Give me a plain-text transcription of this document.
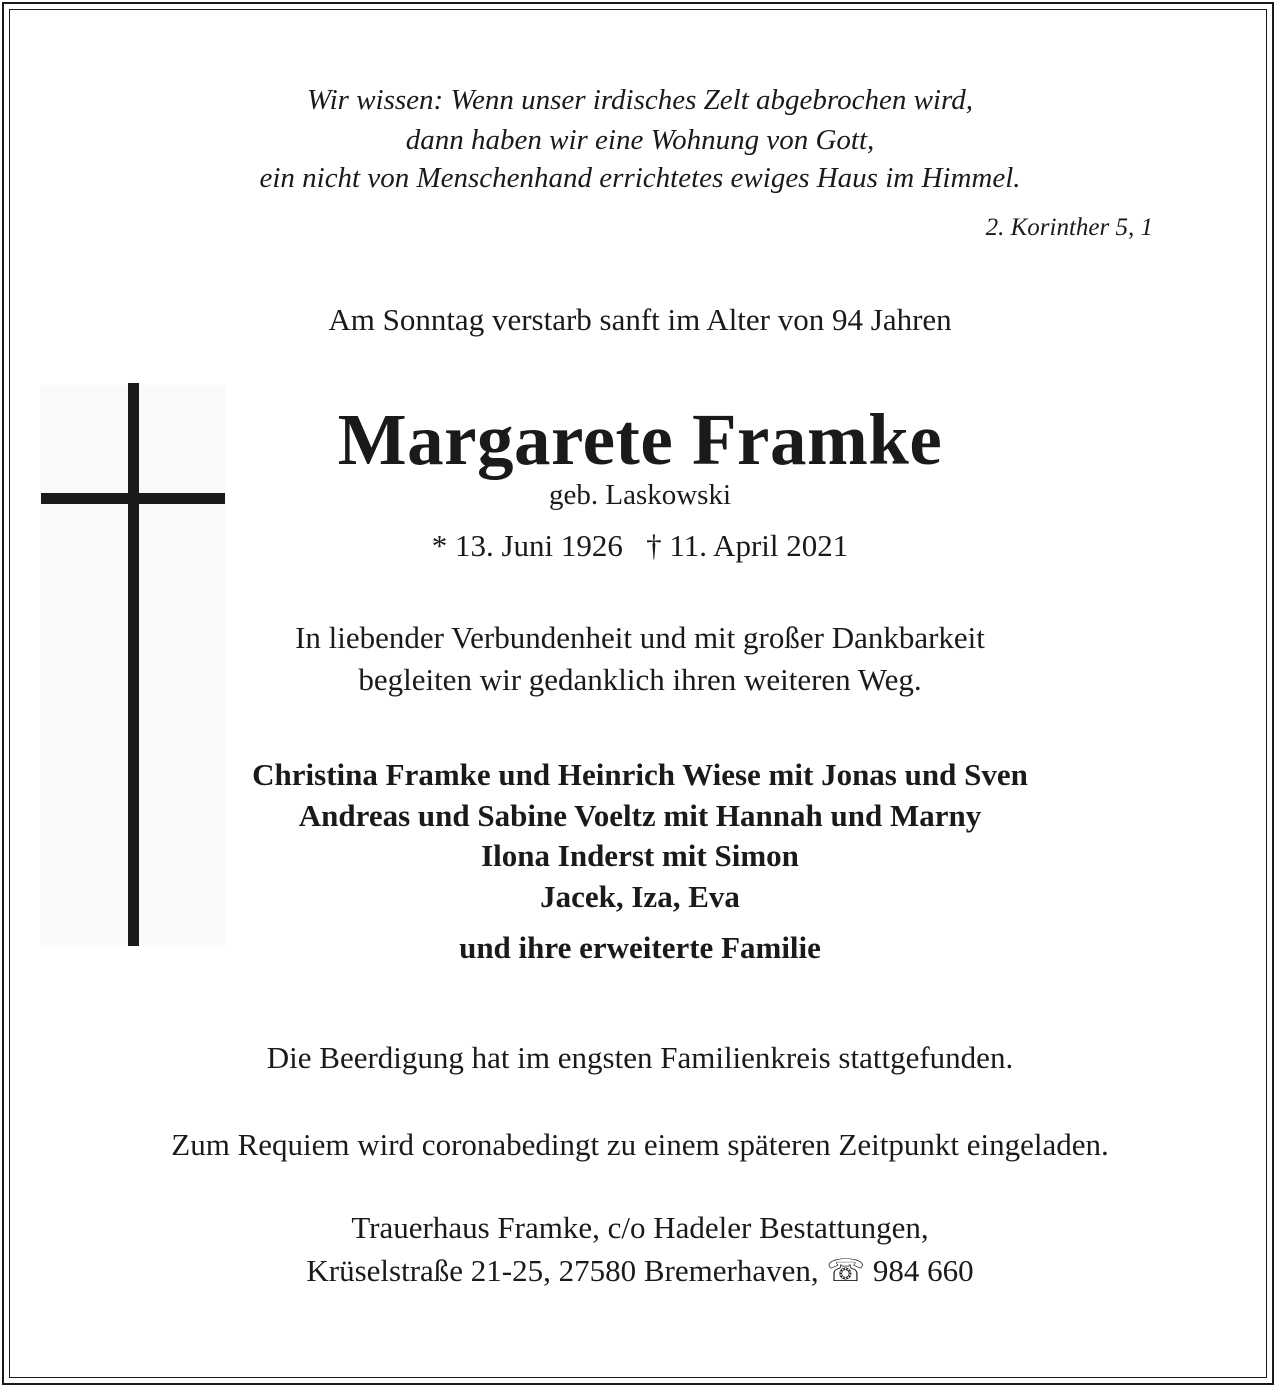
Wir wissen: Wenn unser irdisches Zelt abgebrochen wird,
dann haben wir eine Wohnung von Gott,
ein nicht von Menschenhand errichtetes ewiges Haus im Himmel.
2. Korinther 5, 1
Am Sonntag verstarb sanft im Alter von 94 Jahren
Margarete Framke
geb. Laskowski
* 13. Juni 1926   † 11. April 2021
In liebender Verbundenheit und mit großer Dankbarkeit
begleiten wir gedanklich ihren weiteren Weg.
Christina Framke und Heinrich Wiese mit Jonas und Sven
Andreas und Sabine Voeltz mit Hannah und Marny
Ilona Inderst mit Simon
Jacek, Iza, Eva
und ihre erweiterte Familie
Die Beerdigung hat im engsten Familienkreis stattgefunden.
Zum Requiem wird coronabedingt zu einem späteren Zeitpunkt eingeladen.
Trauerhaus Framke, c/o Hadeler Bestattungen,
Krüselstraße 21-25, 27580 Bremerhaven, ☏ 984 660
